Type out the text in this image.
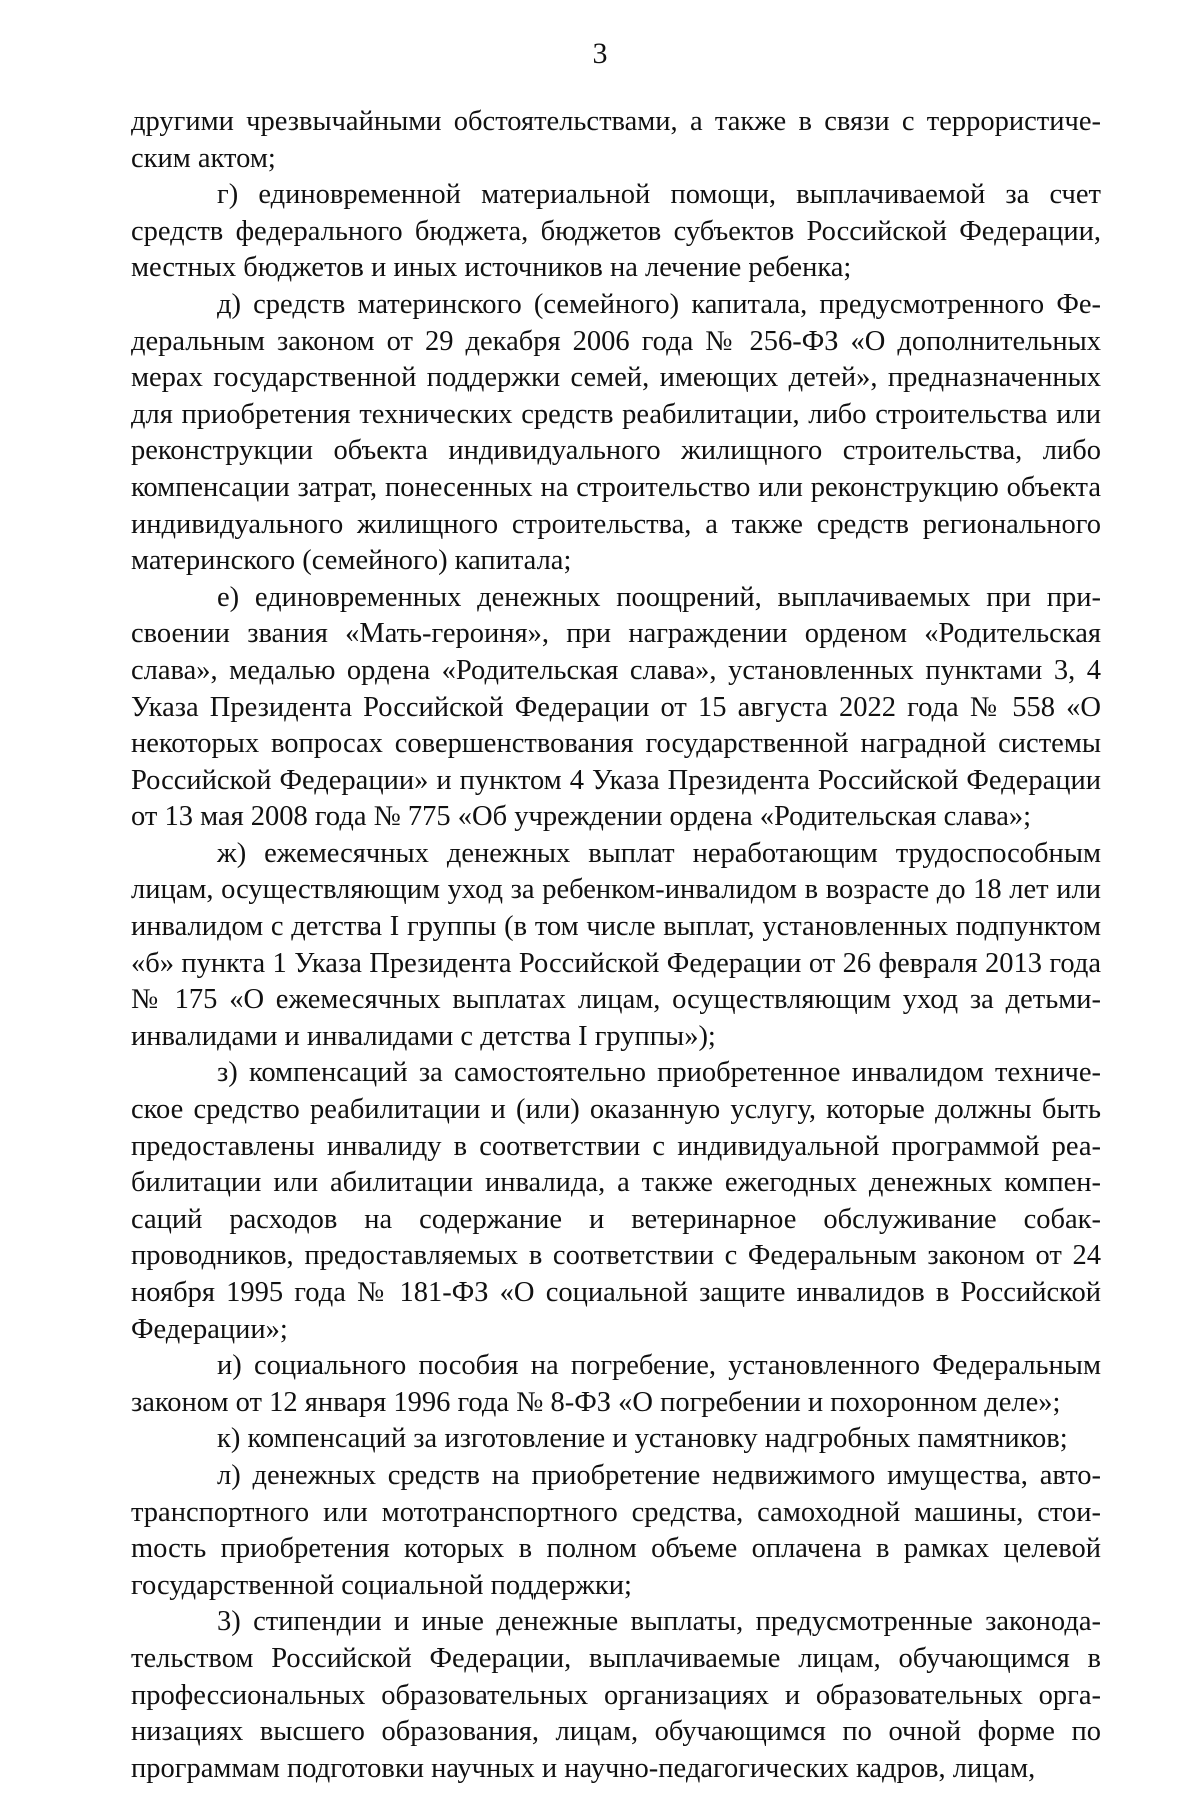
3

другими чрезвычайными обстоятельствами, а также в связи с террористическим актом;

г) единовременной материальной помощи, выплачиваемой за счет средств федерального бюджета, бюджетов субъектов Российской Федерации, местных бюджетов и иных источников на лечение ребенка;

д) средств материнского (семейного) капитала, предусмотренного Федеральным законом от 29 декабря 2006 года № 256-ФЗ «О дополнительных мерах государственной поддержки семей, имеющих детей», предназначенных для приобретения технических средств реабилитации, либо строительства или реконструкции объекта индивидуального жилищного строительства, либо компенсации затрат, понесенных на строительство или реконструкцию объекта индивидуального жилищного строительства, а также средств регионального материнского (семейного) капитала;

е) единовременных денежных поощрений, выплачиваемых при присвоении звания «Мать-героиня», при награждении орденом «Родительская слава», медалью ордена «Родительская слава», установленных пунктами 3, 4 Указа Президента Российской Федерации от 15 августа 2022 года № 558 «О некоторых вопросах совершенствования государственной наградной системы Российской Федерации» и пунктом 4 Указа Президента Российской Федерации от 13 мая 2008 года № 775 «Об учреждении ордена «Родительская слава»;

ж) ежемесячных денежных выплат неработающим трудоспособным лицам, осуществляющим уход за ребенком-инвалидом в возрасте до 18 лет или инвалидом с детства I группы (в том числе выплат, установленных подпунктом «б» пункта 1 Указа Президента Российской Федерации от 26 февраля 2013 года № 175 «О ежемесячных выплатах лицам, осуществляющим уход за детьми-инвалидами и инвалидами с детства I группы»);

з) компенсаций за самостоятельно приобретенное инвалидом техническое средство реабилитации и (или) оказанную услугу, которые должны быть предоставлены инвалиду в соответствии с индивидуальной программой реабилитации или абилитации инвалида, а также ежегодных денежных компенсаций расходов на содержание и ветеринарное обслуживание собак-проводников, предоставляемых в соответствии с Федеральным законом от 24 ноября 1995 года № 181-ФЗ «О социальной защите инвалидов в Российской Федерации»;

и) социального пособия на погребение, установленного Федеральным законом от 12 января 1996 года № 8-ФЗ «О погребении и похоронном деле»;

к) компенсаций за изготовление и установку надгробных памятников;

л) денежных средств на приобретение недвижимого имущества, автотранспортного или мототранспортного средства, самоходной машины, стоиmость приобретения которых в полном объеме оплачена в рамках целевой государственной социальной поддержки;

3) стипендии и иные денежные выплаты, предусмотренные законодательством Российской Федерации, выплачиваемые лицам, обучающимся в профессиональных образовательных организациях и образовательных организациях высшего образования, лицам, обучающимся по очной форме по программам подготовки научных и научно-педагогических кадров, лицам,
